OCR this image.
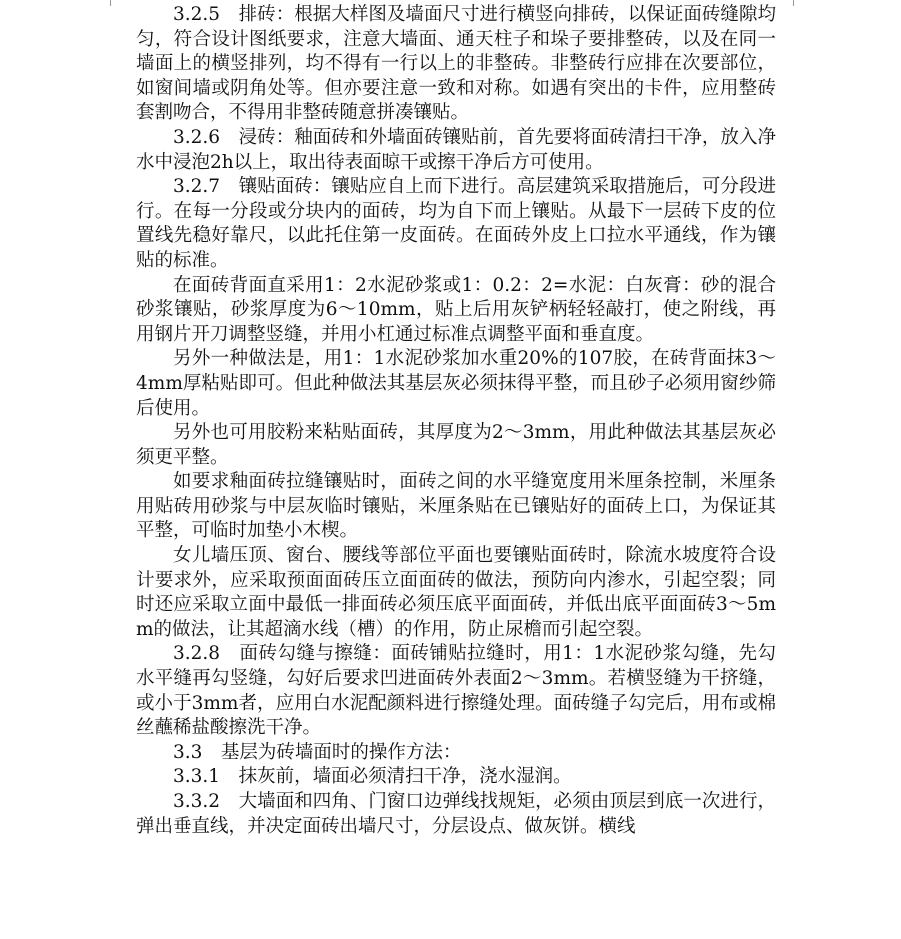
3.2.5　排砖：根据大样图及墙面尺寸进行横竖向排砖，以保证面砖缝隙均匀，符合设计图纸要求，注意大墙面、通天柱子和垛子要排整砖，以及在同一墙面上的横竖排列，均不得有一行以上的非整砖。非整砖行应排在次要部位，如窗间墙或阴角处等。但亦要注意一致和对称。如遇有突出的卡件，应用整砖套割吻合，不得用非整砖随意拼凑镶贴。

3.2.6　浸砖：釉面砖和外墙面砖镶贴前，首先要将面砖清扫干净，放入净水中浸泡2h以上，取出待表面晾干或擦干净后方可使用。

3.2.7　镶贴面砖：镶贴应自上而下进行。高层建筑采取措施后，可分段进行。在每一分段或分块内的面砖，均为自下而上镶贴。从最下一层砖下皮的位置线先稳好靠尺，以此托住第一皮面砖。在面砖外皮上口拉水平通线，作为镶贴的标准。

在面砖背面直采用1：2水泥砂浆或1：0.2：2=水泥：白灰膏：砂的混合砂浆镶贴，砂浆厚度为6～10mm，贴上后用灰铲柄轻轻敲打，使之附线，再用钢片开刀调整竖缝，并用小杠通过标准点调整平面和垂直度。

另外一种做法是，用1：1水泥砂浆加水重20%的107胶，在砖背面抹3～4mm厚粘贴即可。但此种做法其基层灰必须抹得平整，而且砂子必须用窗纱筛后使用。

另外也可用胶粉来粘贴面砖，其厚度为2～3mm，用此种做法其基层灰必须更平整。

如要求釉面砖拉缝镶贴时，面砖之间的水平缝宽度用米厘条控制，米厘条用贴砖用砂浆与中层灰临时镶贴，米厘条贴在已镶贴好的面砖上口，为保证其平整，可临时加垫小木楔。

女儿墙压顶、窗台、腰线等部位平面也要镶贴面砖时，除流水坡度符合设计要求外，应采取预面面砖压立面面砖的做法，预防向内渗水，引起空裂；同时还应采取立面中最低一排面砖必须压底平面面砖，并低出底平面面砖3～5mm的做法，让其超滴水线（槽）的作用，防止尿檐而引起空裂。

3.2.8　面砖勾缝与擦缝：面砖铺贴拉缝时，用1：1水泥砂浆勾缝，先勾水平缝再勾竖缝，勾好后要求凹进面砖外表面2～3mm。若横竖缝为干挤缝，或小于3mm者，应用白水泥配颜料进行擦缝处理。面砖缝子勾完后，用布或棉丝蘸稀盐酸擦洗干净。

3.3　基层为砖墙面时的操作方法：

3.3.1　抹灰前，墙面必须清扫干净，浇水湿润。

3.3.2　大墙面和四角、门窗口边弹线找规矩，必须由顶层到底一次进行，弹出垂直线，并决定面砖出墙尺寸，分层设点、做灰饼。横线
